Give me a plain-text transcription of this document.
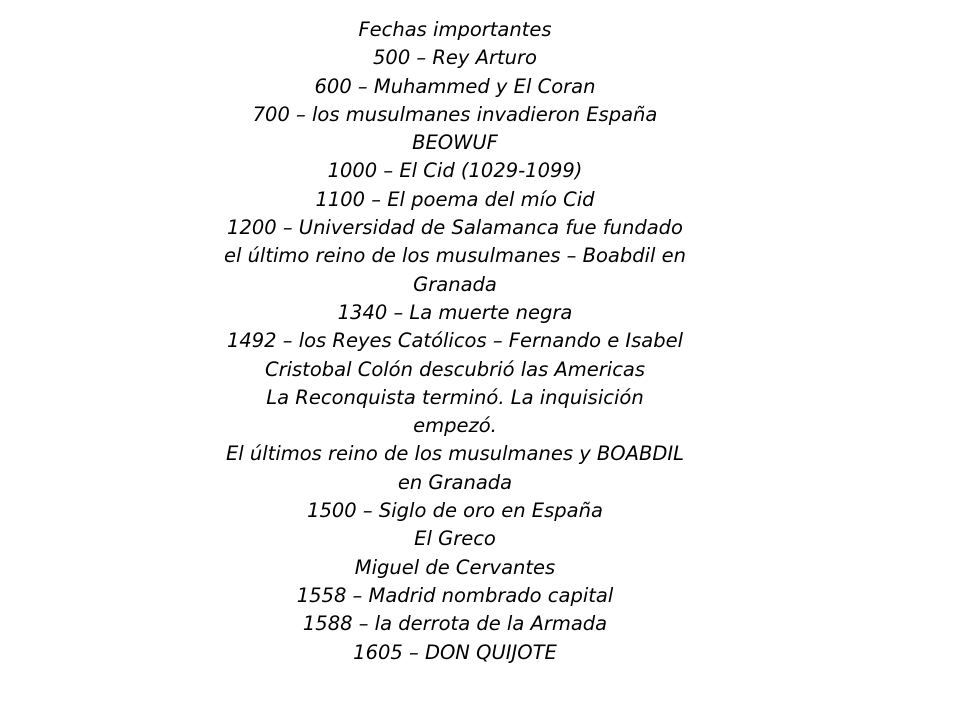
Fechas importantes
500 – Rey Arturo
600 – Muhammed y El Coran
700 – los musulmanes invadieron España
BEOWUF
1000 – El Cid (1029-1099)
1100 – El poema del mío Cid
1200 – Universidad de Salamanca fue fundado
el último reino de los musulmanes – Boabdil en
Granada
1340 – La muerte negra
1492 – los Reyes Católicos – Fernando e Isabel
Cristobal Colón descubrió las Americas
La Reconquista terminó. La inquisición
empezó.
El últimos reino de los musulmanes y BOABDIL
en Granada
1500 – Siglo de oro en España
El Greco
Miguel de Cervantes
1558 – Madrid nombrado capital
1588 – la derrota de la Armada
1605 – DON QUIJOTE
